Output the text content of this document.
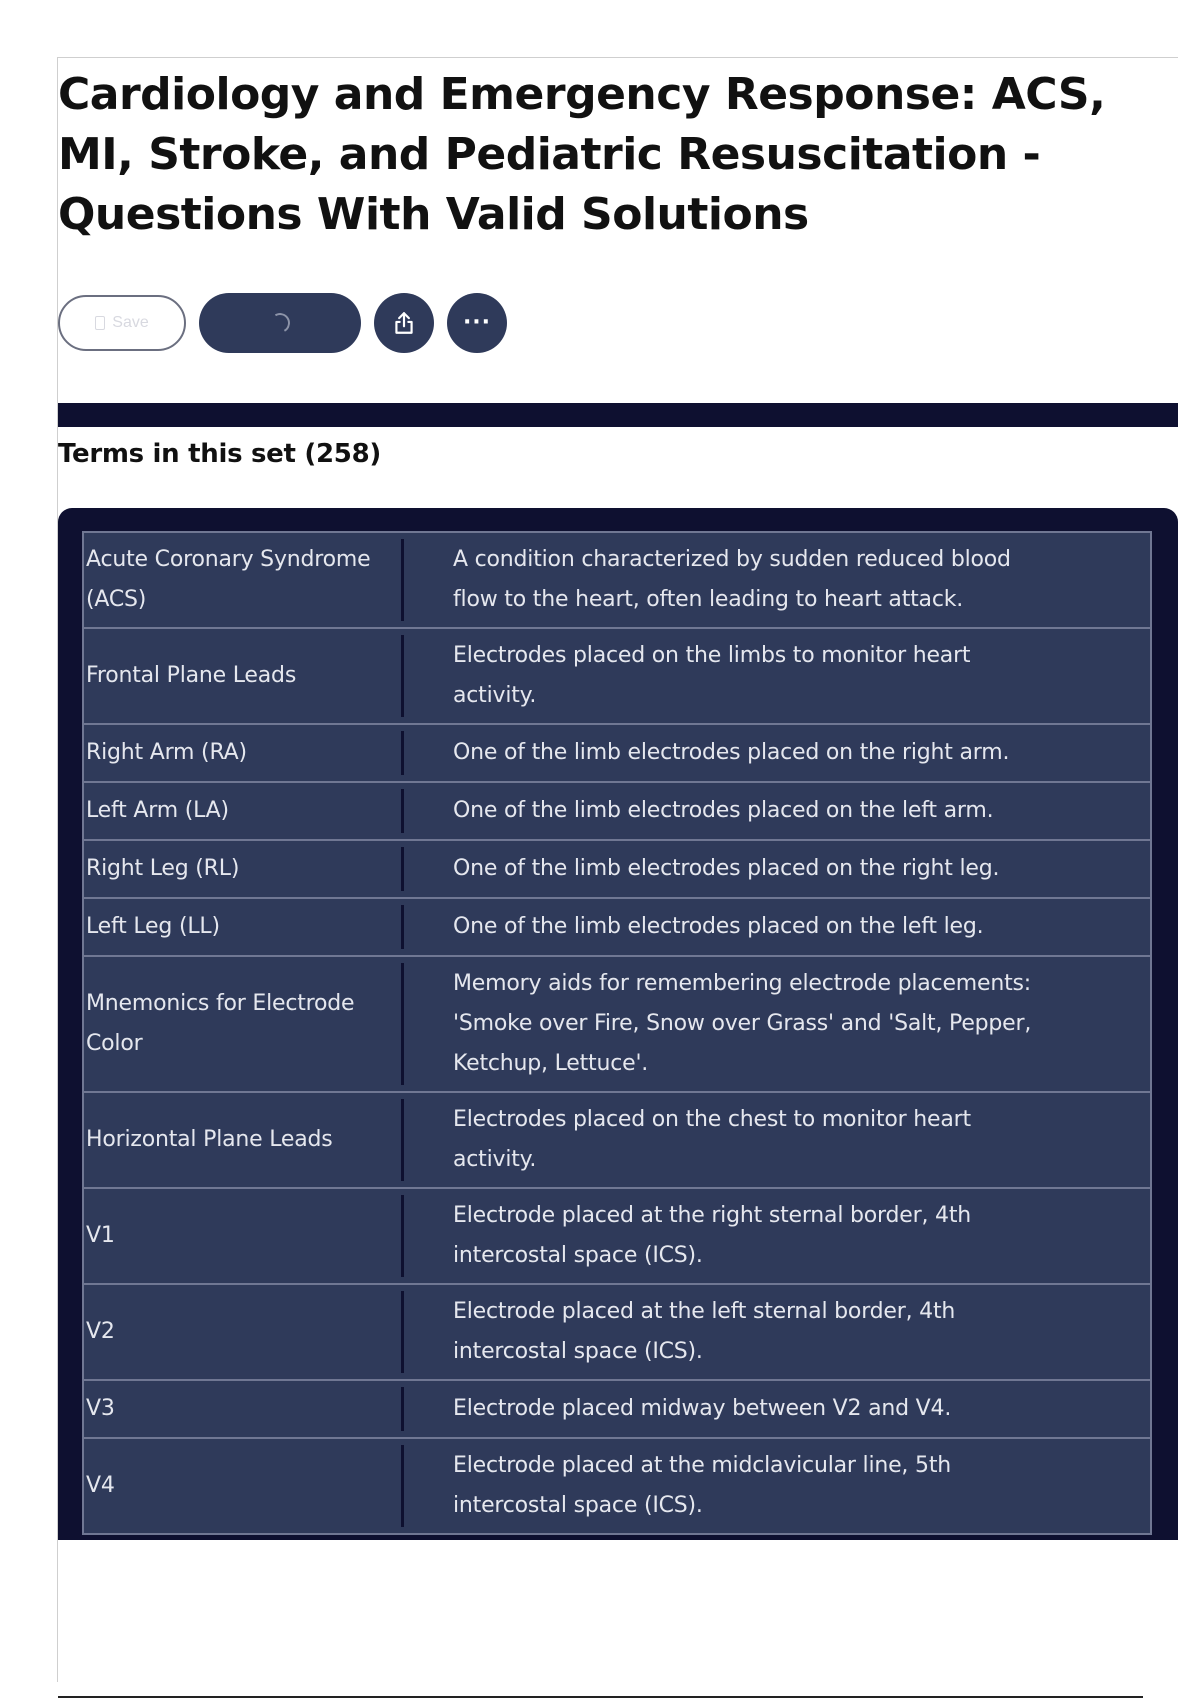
Cardiology and Emergency Response: ACS, MI, Stroke, and Pediatric Resuscitation - Questions With Valid Solutions
Save	···
Terms in this set (258)
Acute Coronary Syndrome (ACS)	A condition characterized by sudden reduced blood flow to the heart, often leading to heart attack.

Frontal Plane Leads	Electrodes placed on the limbs to monitor heart activity.

Right Arm (RA)	One of the limb electrodes placed on the right arm.

Left Arm (LA)	One of the limb electrodes placed on the left arm.

Right Leg (RL)	One of the limb electrodes placed on the right leg.

Left Leg (LL)	One of the limb electrodes placed on the left leg.

Mnemonics for Electrode Color	Memory aids for remembering electrode placements: 'Smoke over Fire, Snow over Grass' and 'Salt, Pepper, Ketchup, Lettuce'.

Horizontal Plane Leads	Electrodes placed on the chest to monitor heart activity.

V1	Electrode placed at the right sternal border, 4th intercostal space (ICS).

V2	Electrode placed at the left sternal border, 4th intercostal space (ICS).

V3	Electrode placed midway between V2 and V4.

V4	Electrode placed at the midclavicular line, 5th intercostal space (ICS).
